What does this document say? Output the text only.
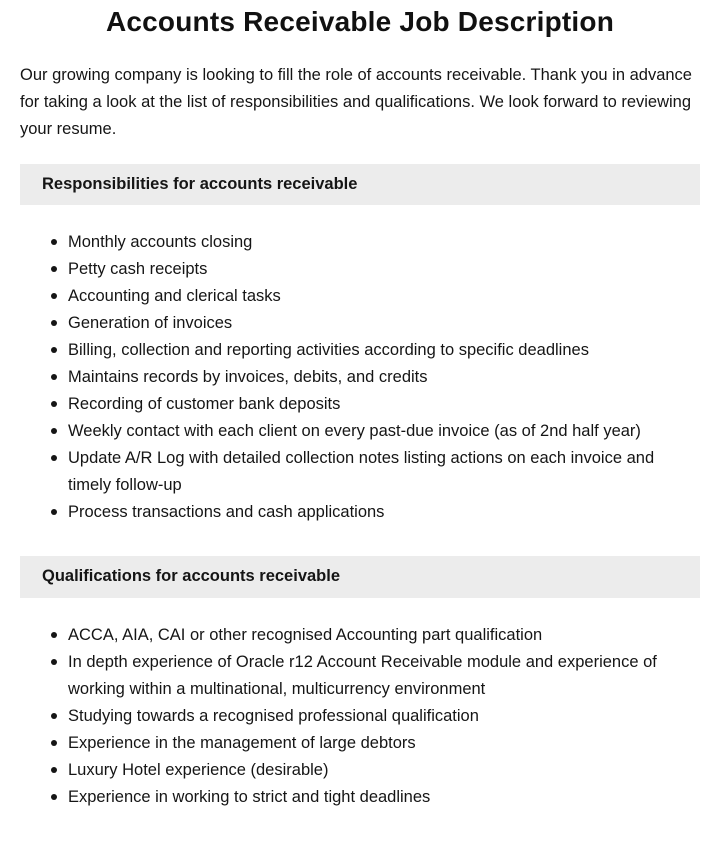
Accounts Receivable Job Description

Our growing company is looking to fill the role of accounts receivable. Thank you in advance for taking a look at the list of responsibilities and qualifications. We look forward to reviewing your resume.

Responsibilities for accounts receivable
Monthly accounts closing
Petty cash receipts
Accounting and clerical tasks
Generation of invoices
Billing, collection and reporting activities according to specific deadlines
Maintains records by invoices, debits, and credits
Recording of customer bank deposits
Weekly contact with each client on every past-due invoice (as of 2nd half year)
Update A/R Log with detailed collection notes listing actions on each invoice and timely follow-up
Process transactions and cash applications
Qualifications for accounts receivable
ACCA, AIA, CAI or other recognised Accounting part qualification
In depth experience of Oracle r12 Account Receivable module and experience of working within a multinational, multicurrency environment
Studying towards a recognised professional qualification
Experience in the management of large debtors
Luxury Hotel experience (desirable)
Experience in working to strict and tight deadlines
